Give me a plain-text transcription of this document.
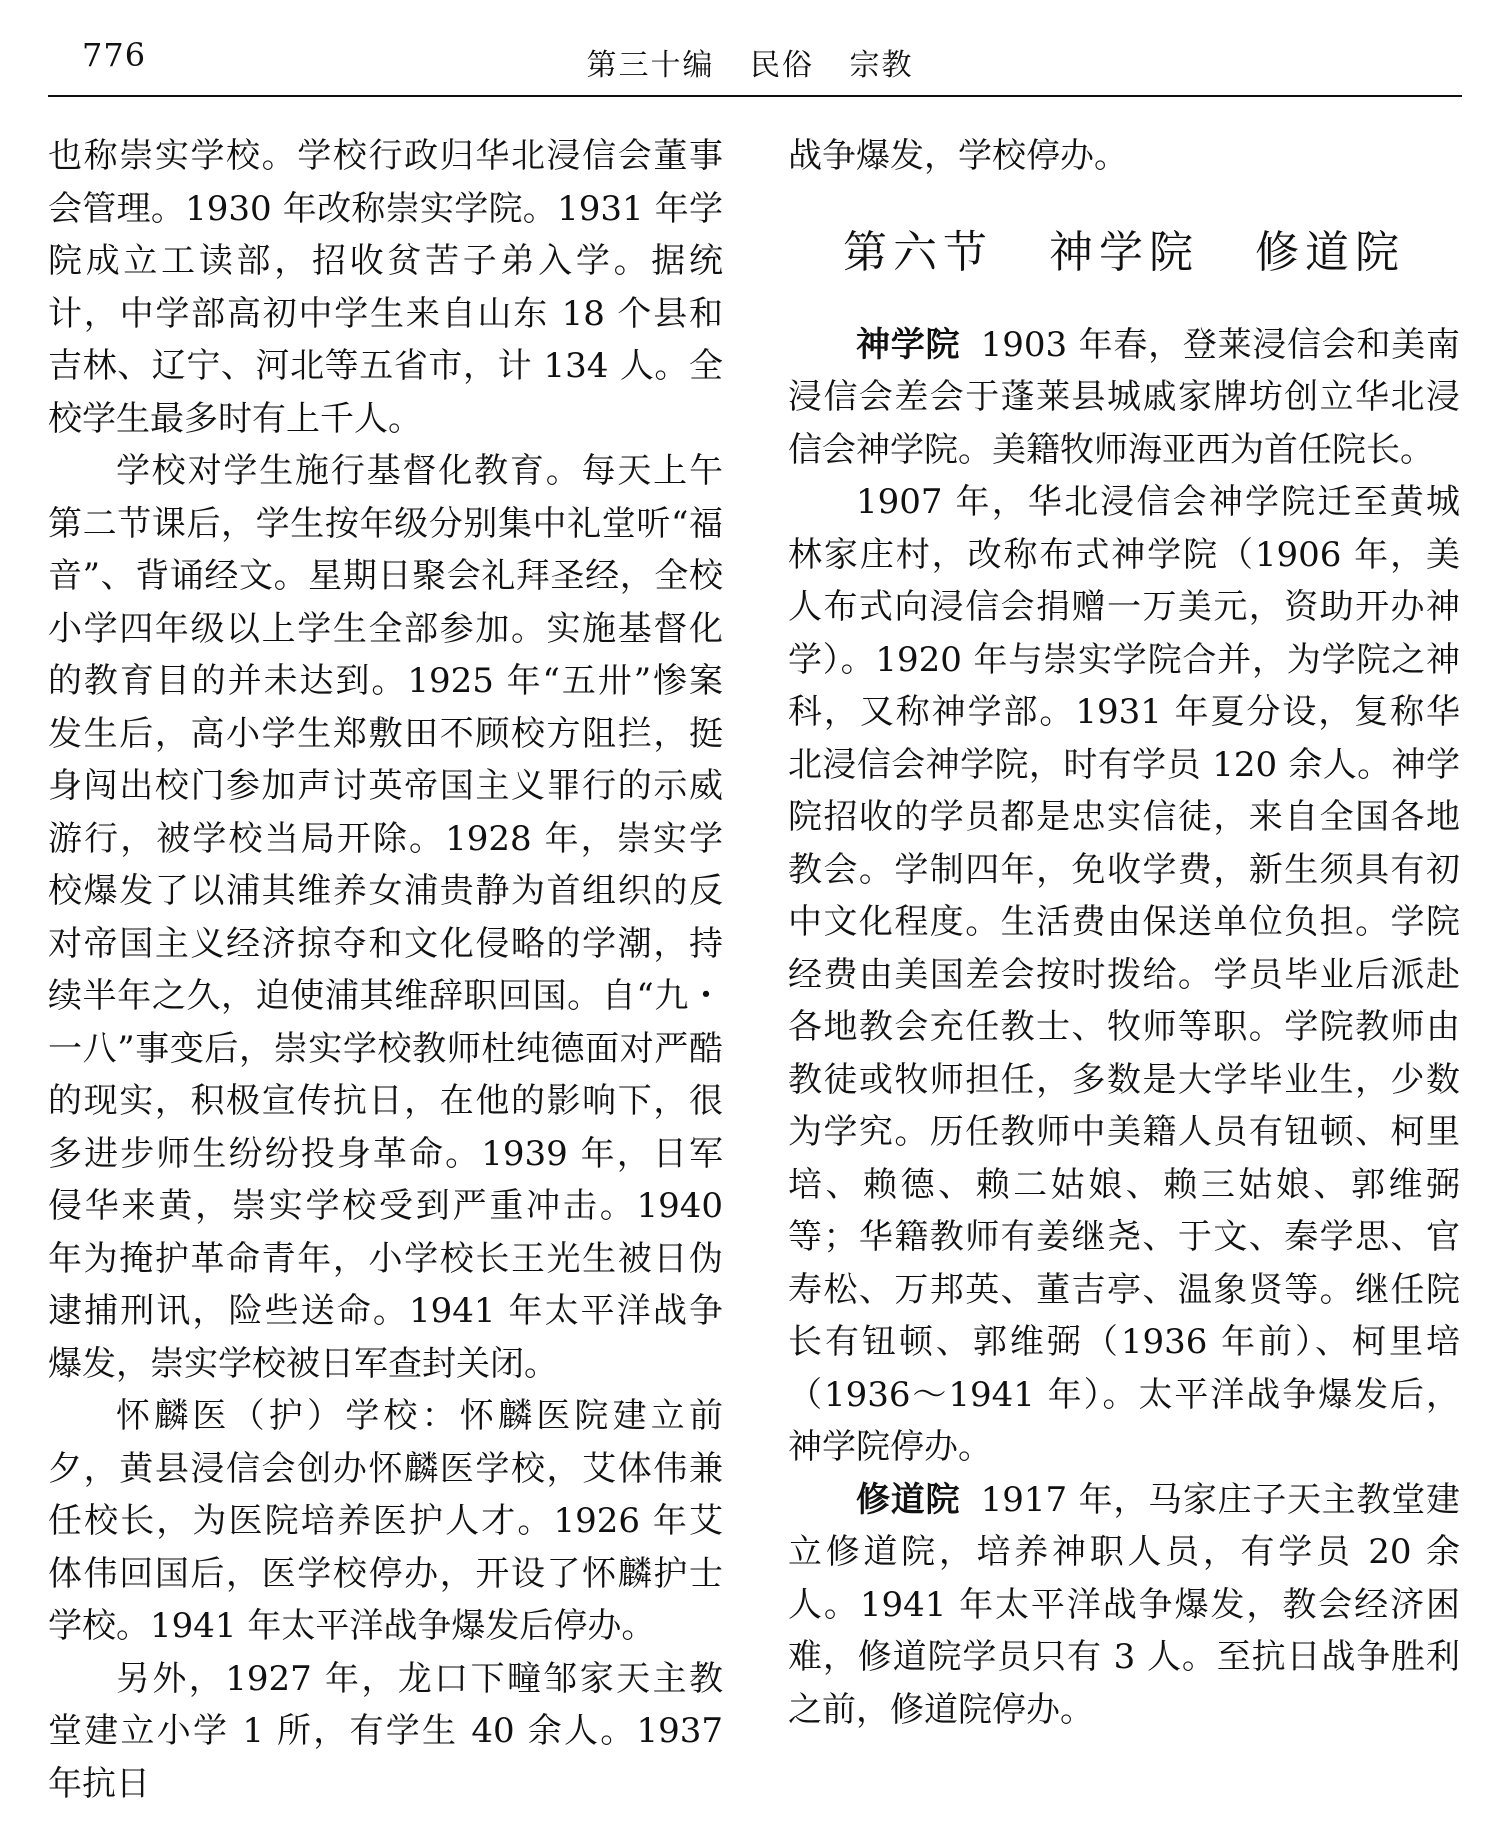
776	第三十编 民俗 宗教

也称崇实学校。学校行政归华北浸信会董事会管理。1930 年改称崇实学院。1931 年学院成立工读部，招收贫苦子弟入学。据统计，中学部高初中学生来自山东 18 个县和吉林、辽宁、河北等五省市，计 134 人。全校学生最多时有上千人。

学校对学生施行基督化教育。每天上午第二节课后，学生按年级分别集中礼堂听“福音”、背诵经文。星期日聚会礼拜圣经，全校小学四年级以上学生全部参加。实施基督化的教育目的并未达到。1925 年“五卅”惨案发生后，高小学生郑敷田不顾校方阻拦，挺身闯出校门参加声讨英帝国主义罪行的示威游行，被学校当局开除。1928 年，崇实学校爆发了以浦其维养女浦贵静为首组织的反对帝国主义经济掠夺和文化侵略的学潮，持续半年之久，迫使浦其维辞职回国。自“九・一八”事变后，崇实学校教师杜纯德面对严酷的现实，积极宣传抗日，在他的影响下，很多进步师生纷纷投身革命。1939 年，日军侵华来黄，崇实学校受到严重冲击。1940 年为掩护革命青年，小学校长王光生被日伪逮捕刑讯，险些送命。1941 年太平洋战争爆发，崇实学校被日军查封关闭。

怀麟医（护）学校：怀麟医院建立前夕，黄县浸信会创办怀麟医学校，艾体伟兼任校长，为医院培养医护人才。1926 年艾体伟回国后，医学校停办，开设了怀麟护士学校。1941 年太平洋战争爆发后停办。

另外，1927 年，龙口下疃邹家天主教堂建立小学 1 所，有学生 40 余人。1937 年抗日

战争爆发，学校停办。

第六节 神学院 修道院

神学院 1903 年春，登莱浸信会和美南浸信会差会于蓬莱县城戚家牌坊创立华北浸信会神学院。美籍牧师海亚西为首任院长。

1907 年，华北浸信会神学院迁至黄城林家庄村，改称布式神学院（1906 年，美人布式向浸信会捐赠一万美元，资助开办神学）。1920 年与崇实学院合并，为学院之神科，又称神学部。1931 年夏分设，复称华北浸信会神学院，时有学员 120 余人。神学院招收的学员都是忠实信徒，来自全国各地教会。学制四年，免收学费，新生须具有初中文化程度。生活费由保送单位负担。学院经费由美国差会按时拨给。学员毕业后派赴各地教会充任教士、牧师等职。学院教师由教徒或牧师担任，多数是大学毕业生，少数为学究。历任教师中美籍人员有钮顿、柯里培、赖德、赖二姑娘、赖三姑娘、郭维弼等；华籍教师有姜继尧、于文、秦学思、官寿松、万邦英、董吉亭、温象贤等。继任院长有钮顿、郭维弼（1936 年前）、柯里培（1936～1941 年）。太平洋战争爆发后，神学院停办。

修道院 1917 年，马家庄子天主教堂建立修道院，培养神职人员，有学员 20 余人。1941 年太平洋战争爆发，教会经济困难，修道院学员只有 3 人。至抗日战争胜利之前，修道院停办。
